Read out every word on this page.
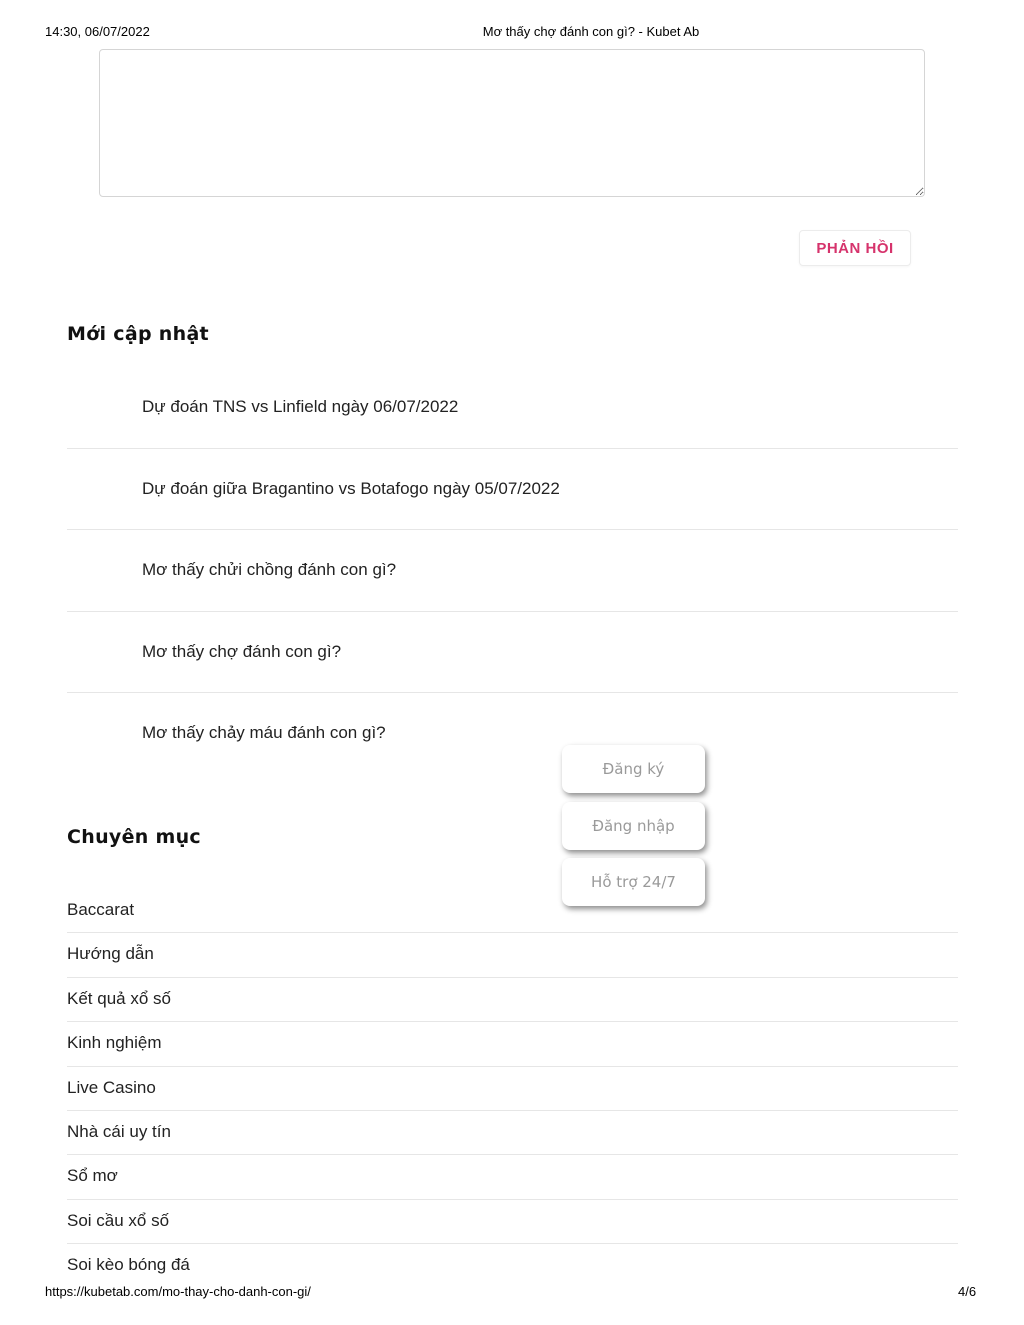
14:30, 06/07/2022	Mơ thấy chợ đánh con gì? - Kubet Ab
PHẢN HỒI
Mới cập nhật
Dự đoán TNS vs Linfield ngày 06/07/2022
Dự đoán giữa Bragantino vs Botafogo ngày 05/07/2022
Mơ thấy chửi chồng đánh con gì?
Mơ thấy chợ đánh con gì?
Mơ thấy chảy máu đánh con gì?
Chuyên mục
Baccarat
Hướng dẫn
Kết quả xổ số
Kinh nghiệm
Live Casino
Nhà cái uy tín
Sổ mơ
Soi cầu xổ số
Soi kèo bóng đá
Đăng ký
Đăng nhập
Hỗ trợ 24/7
https://kubetab.com/mo-thay-cho-danh-con-gi/	4/6
